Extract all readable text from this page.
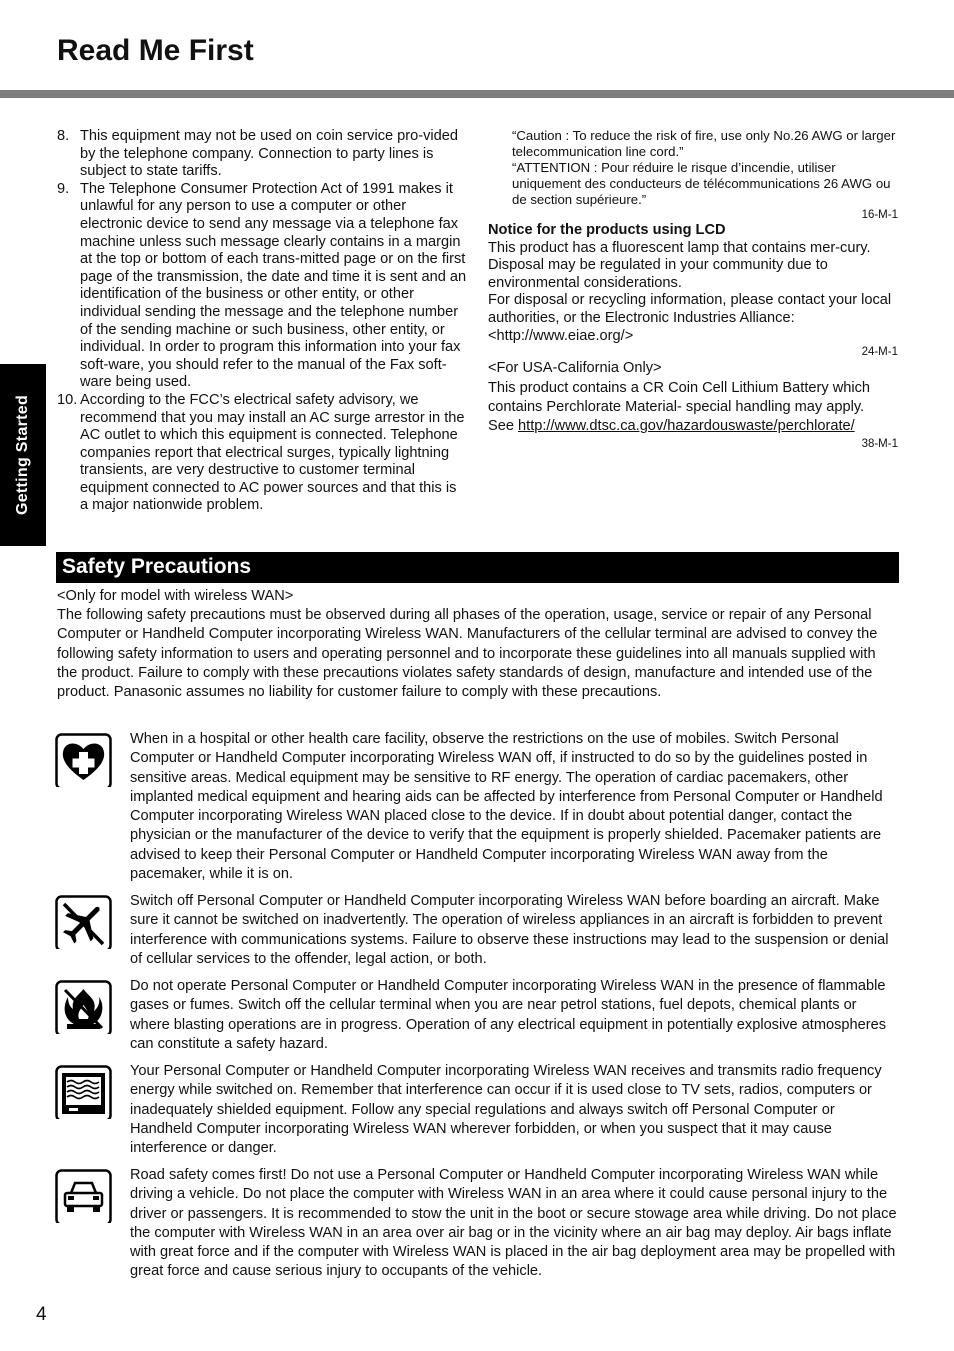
Read Me First
Getting Started
8. This equipment may not be used on coin service pro-vided by the telephone company. Connection to party lines is subject to state tariffs.
9. The Telephone Consumer Protection Act of 1991 makes it unlawful for any person to use a computer or other electronic device to send any message via a telephone fax machine unless such message clearly contains in a margin at the top or bottom of each trans-mitted page or on the first page of the transmission, the date and time it is sent and an identification of the business or other entity, or other individual sending the message and the telephone number of the sending machine or such business, other entity, or individual. In order to program this information into your fax soft-ware, you should refer to the manual of the Fax soft-ware being used.
10. According to the FCC’s electrical safety advisory, we recommend that you may install an AC surge arrestor in the AC outlet to which this equipment is connected. Telephone companies report that electrical surges, typically lightning transients, are very destructive to customer terminal equipment connected to AC power sources and that this is a major nationwide problem.
“Caution : To reduce the risk of fire, use only No.26 AWG or larger telecommunication line cord.”
“ATTENTION : Pour réduire le risque d’incendie, utiliser uniquement des conducteurs de télécommunications 26 AWG ou de section supérieure.”
16-M-1
Notice for the products using LCD
This product has a fluorescent lamp that contains mer-cury. Disposal may be regulated in your community due to environmental considerations.
For disposal or recycling information, please contact your local authorities, or the Electronic Industries Alliance: <http://www.eiae.org/>
24-M-1
<For USA-California Only>
This product contains a CR Coin Cell Lithium Battery which contains Perchlorate Material- special handling may apply.
See http://www.dtsc.ca.gov/hazardouswaste/perchlorate/
38-M-1
Safety Precautions
<Only for model with wireless WAN>
The following safety precautions must be observed during all phases of the operation, usage, service or repair of any Personal Computer or Handheld Computer incorporating Wireless WAN. Manufacturers of the cellular terminal are advised to convey the following safety information to users and operating personnel and to incorporate these guidelines into all manuals supplied with the product. Failure to comply with these precautions violates safety standards of design, manufacture and intended use of the product. Panasonic assumes no liability for customer failure to comply with these precautions.
When in a hospital or other health care facility, observe the restrictions on the use of mobiles. Switch Personal Computer or Handheld Computer incorporating Wireless WAN off, if instructed to do so by the guidelines posted in sensitive areas. Medical equipment may be sensitive to RF energy. The operation of cardiac pacemakers, other implanted medical equipment and hearing aids can be affected by interference from Personal Computer or Handheld Computer incorporating Wireless WAN placed close to the device. If in doubt about potential danger, contact the physician or the manufacturer of the device to verify that the equipment is properly shielded. Pacemaker patients are advised to keep their Personal Computer or Handheld Computer incorporating Wireless WAN away from the pacemaker, while it is on.
Switch off Personal Computer or Handheld Computer incorporating Wireless WAN before boarding an aircraft. Make sure it cannot be switched on inadvertently. The operation of wireless appliances in an aircraft is forbidden to prevent interference with communications systems. Failure to observe these instructions may lead to the suspension or denial of cellular services to the offender, legal action, or both.
Do not operate Personal Computer or Handheld Computer incorporating Wireless WAN in the presence of flammable gases or fumes. Switch off the cellular terminal when you are near petrol stations, fuel depots, chemical plants or where blasting operations are in progress. Operation of any electrical equipment in potentially explosive atmospheres can constitute a safety hazard.
Your Personal Computer or Handheld Computer incorporating Wireless WAN receives and transmits radio frequency energy while switched on. Remember that interference can occur if it is used close to TV sets, radios, computers or inadequately shielded equipment. Follow any special regulations and always switch off Personal Computer or Handheld Computer incorporating Wireless WAN wherever forbidden, or when you suspect that it may cause interference or danger.
Road safety comes first! Do not use a Personal Computer or Handheld Computer incorporating Wireless WAN while driving a vehicle. Do not place the computer with Wireless WAN in an area where it could cause personal injury to the driver or passengers. It is recommended to stow the unit in the boot or secure stowage area while driving. Do not place the computer with Wireless WAN in an area over air bag or in the vicinity where an air bag may deploy. Air bags inflate with great force and if the computer with Wireless WAN is placed in the air bag deployment area may be propelled with great force and cause serious injury to occupants of the vehicle.
4
